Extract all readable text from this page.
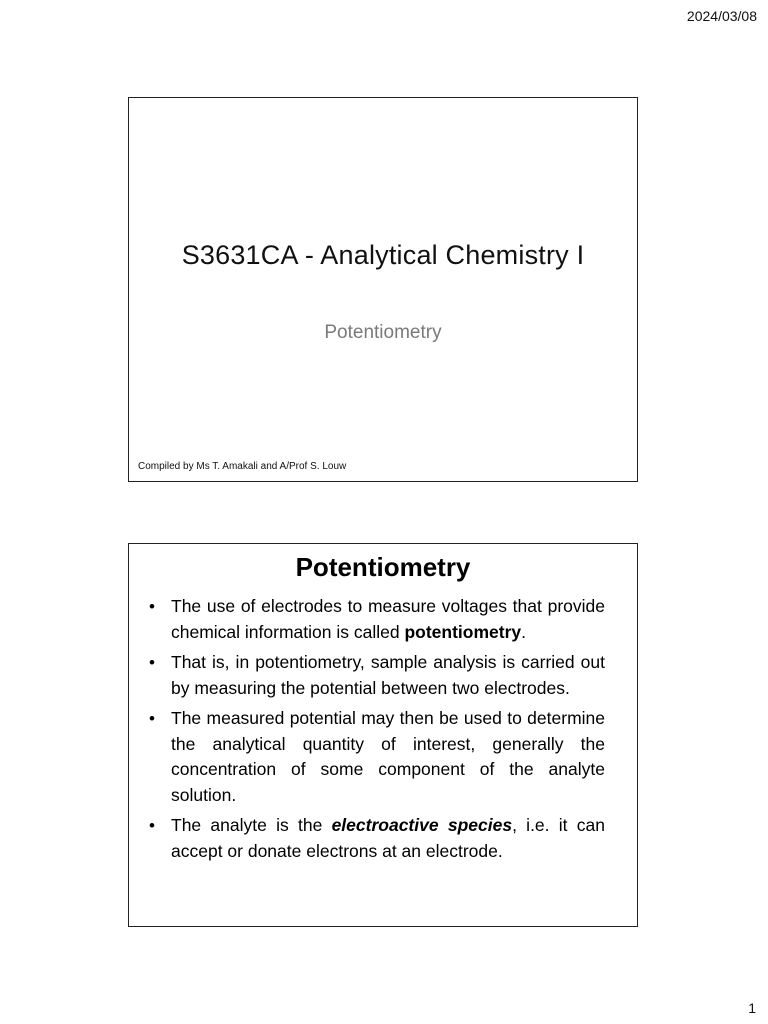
2024/03/08
S3631CA - Analytical Chemistry I
Potentiometry
Compiled by Ms T. Amakali and A/Prof S. Louw
Potentiometry
• The use of electrodes to measure voltages that provide chemical information is called potentiometry.
• That is, in potentiometry, sample analysis is carried out by measuring the potential between two electrodes.
• The measured potential may then be used to determine the analytical quantity of interest, generally the concentration of some component of the analyte solution.
• The analyte is the electroactive species, i.e. it can accept or donate electrons at an electrode.
1
